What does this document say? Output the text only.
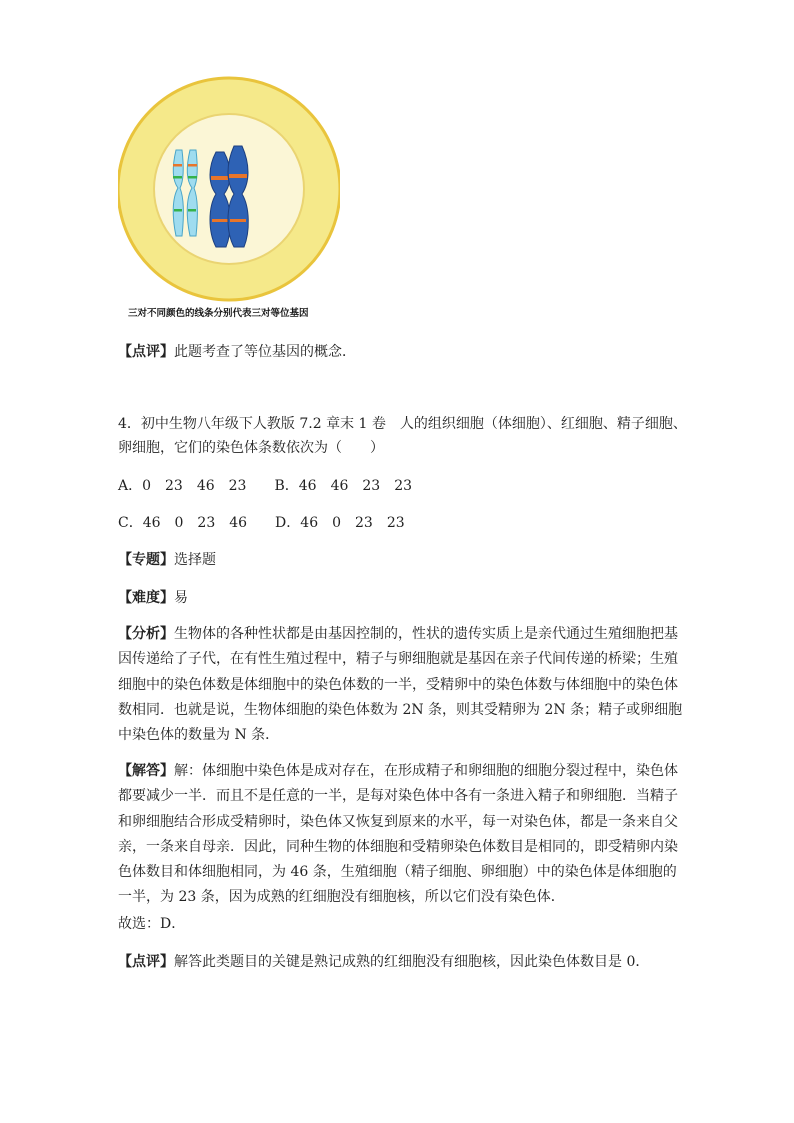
三对不同颜色的线条分别代表三对等位基因
【点评】此题考查了等位基因的概念．
4．初中生物八年级下人教版 7.2 章末 1 卷　人的组织细胞（体细胞）、红细胞、精子细胞、
卵细胞，它们的染色体条数依次为（　　）
A．0　23　46　23　　B．46　46　23　23
C．46　0　23　46　　D．46　0　23　23
【专题】选择题
【难度】易
【分析】生物体的各种性状都是由基因控制的，性状的遗传实质上是亲代通过生殖细胞把基
因传递给了子代，在有性生殖过程中，精子与卵细胞就是基因在亲子代间传递的桥梁；生殖
细胞中的染色体数是体细胞中的染色体数的一半，受精卵中的染色体数与体细胞中的染色体
数相同．也就是说，生物体细胞的染色体数为 2N 条，则其受精卵为 2N 条；精子或卵细胞
中染色体的数量为 N 条．
【解答】解：体细胞中染色体是成对存在，在形成精子和卵细胞的细胞分裂过程中，染色体
都要减少一半．而且不是任意的一半，是每对染色体中各有一条进入精子和卵细胞．当精子
和卵细胞结合形成受精卵时，染色体又恢复到原来的水平，每一对染色体，都是一条来自父
亲，一条来自母亲．因此，同种生物的体细胞和受精卵染色体数目是相同的，即受精卵内染
色体数目和体细胞相同，为 46 条，生殖细胞（精子细胞、卵细胞）中的染色体是体细胞的
一半，为 23 条，因为成熟的红细胞没有细胞核，所以它们没有染色体．
故选：D．
【点评】解答此类题目的关键是熟记成熟的红细胞没有细胞核，因此染色体数目是 0．
